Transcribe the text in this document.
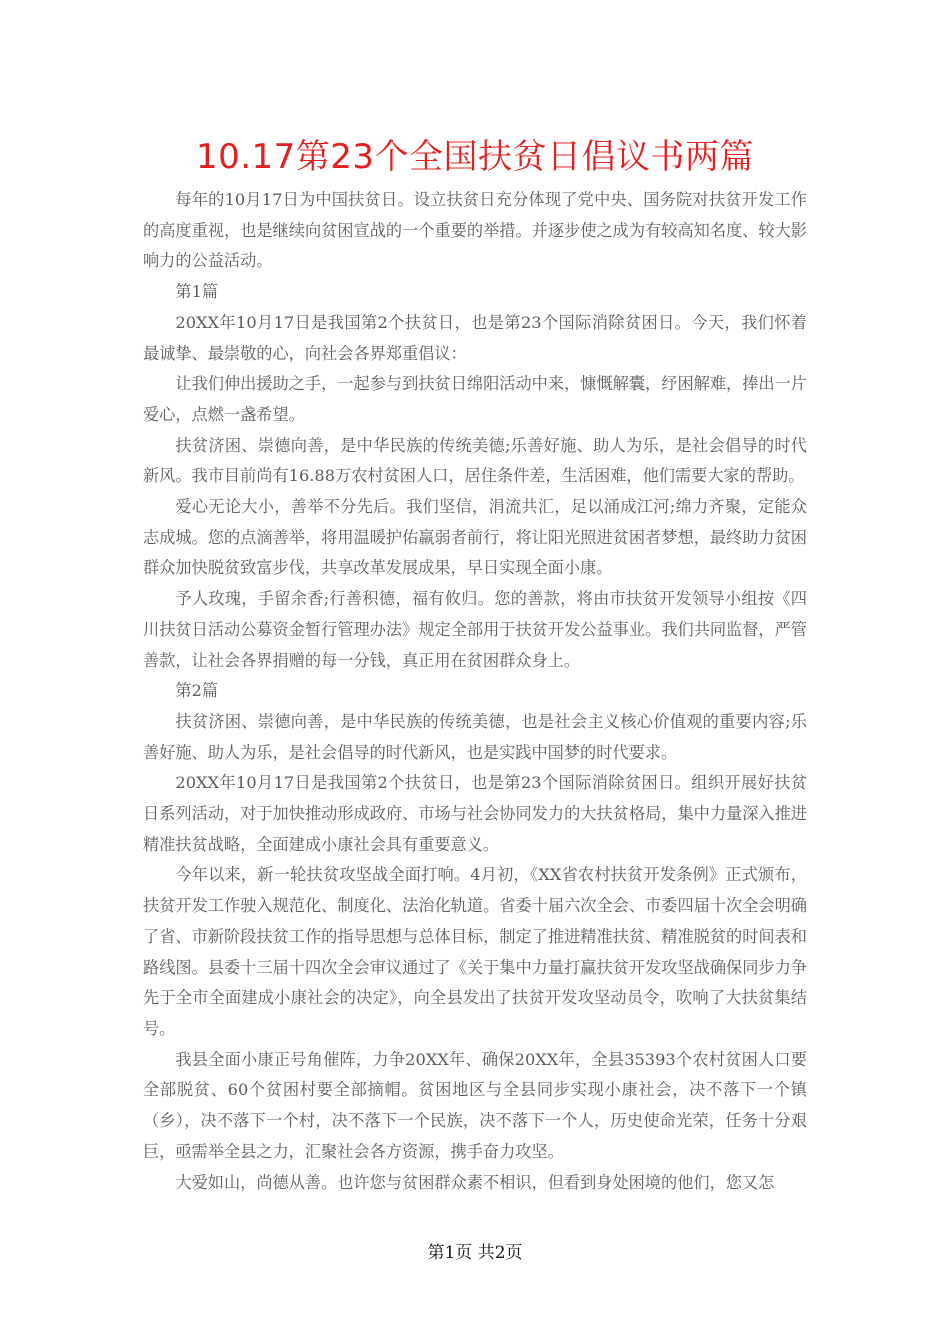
10.17第23个全国扶贫日倡议书两篇

每年的10月17日为中国扶贫日。设立扶贫日充分体现了党中央、国务院对扶贫开发工作的高度重视，也是继续向贫困宣战的一个重要的举措。并逐步使之成为有较高知名度、较大影响力的公益活动。

第1篇

20XX年10月17日是我国第2个扶贫日，也是第23个国际消除贫困日。今天，我们怀着最诚挚、最崇敬的心，向社会各界郑重倡议：

让我们伸出援助之手，一起参与到扶贫日绵阳活动中来，慷慨解囊，纾困解难，捧出一片爱心，点燃一盏希望。

扶贫济困、崇德向善，是中华民族的传统美德;乐善好施、助人为乐，是社会倡导的时代新风。我市目前尚有16.88万农村贫困人口，居住条件差，生活困难，他们需要大家的帮助。

爱心无论大小，善举不分先后。我们坚信，涓流共汇，足以涌成江河;绵力齐聚，定能众志成城。您的点滴善举，将用温暖护佑羸弱者前行，将让阳光照进贫困者梦想，最终助力贫困群众加快脱贫致富步伐，共享改革发展成果，早日实现全面小康。

予人玫瑰，手留余香;行善积德，福有攸归。您的善款，将由市扶贫开发领导小组按《四川扶贫日活动公募资金暂行管理办法》规定全部用于扶贫开发公益事业。我们共同监督，严管善款，让社会各界捐赠的每一分钱，真正用在贫困群众身上。

第2篇

扶贫济困、崇德向善，是中华民族的传统美德，也是社会主义核心价值观的重要内容;乐善好施、助人为乐，是社会倡导的时代新风，也是实践中国梦的时代要求。

20XX年10月17日是我国第2个扶贫日，也是第23个国际消除贫困日。组织开展好扶贫日系列活动，对于加快推动形成政府、市场与社会协同发力的大扶贫格局，集中力量深入推进精准扶贫战略，全面建成小康社会具有重要意义。

今年以来，新一轮扶贫攻坚战全面打响。4月初，《XX省农村扶贫开发条例》正式颁布，扶贫开发工作驶入规范化、制度化、法治化轨道。省委十届六次全会、市委四届十次全会明确了省、市新阶段扶贫工作的指导思想与总体目标，制定了推进精准扶贫、精准脱贫的时间表和路线图。县委十三届十四次全会审议通过了《关于集中力量打赢扶贫开发攻坚战确保同步力争先于全市全面建成小康社会的决定》，向全县发出了扶贫开发攻坚动员令，吹响了大扶贫集结号。

我县全面小康正号角催阵，力争20XX年、确保20XX年，全县35393个农村贫困人口要全部脱贫、60个贫困村要全部摘帽。贫困地区与全县同步实现小康社会，决不落下一个镇（乡），决不落下一个村，决不落下一个民族，决不落下一个人，历史使命光荣，任务十分艰巨，亟需举全县之力，汇聚社会各方资源，携手奋力攻坚。

大爱如山，尚德从善。也许您与贫困群众素不相识，但看到身处困境的他们，您又怎

第1页 共2页
